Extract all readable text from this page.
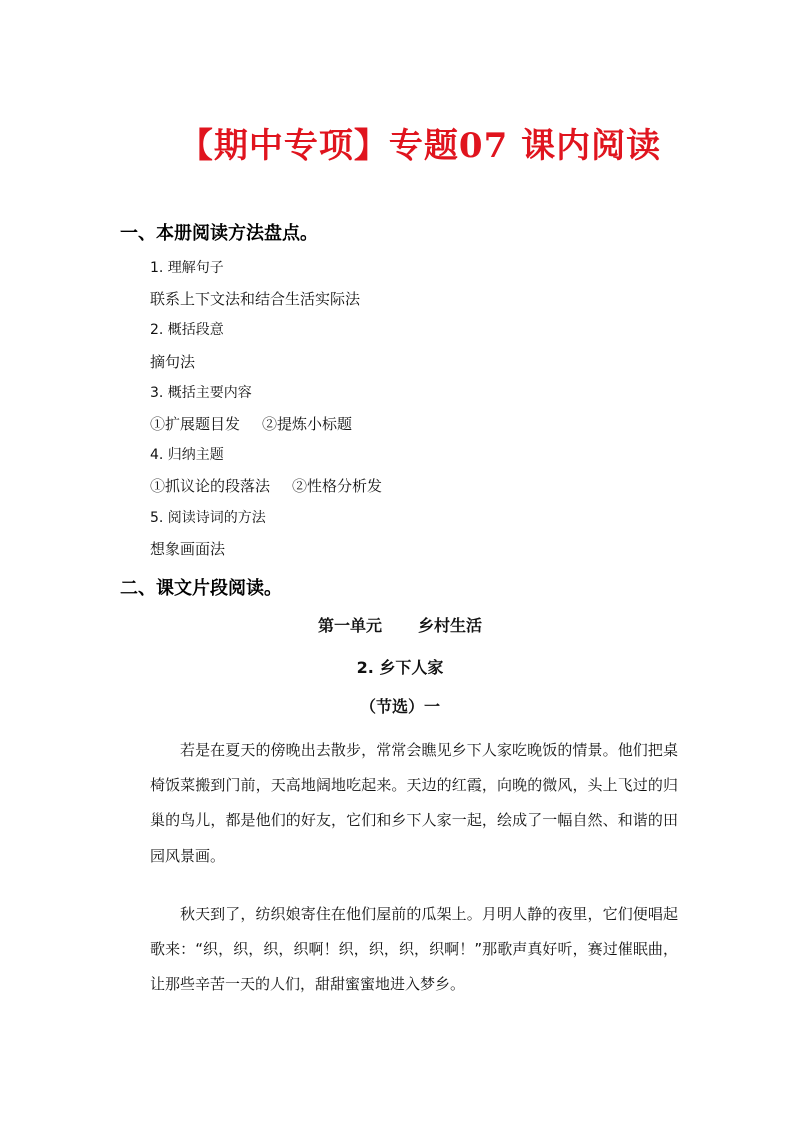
【期中专项】专题07 课内阅读
一、本册阅读方法盘点。
1. 理解句子
联系上下文法和结合生活实际法
2. 概括段意
摘句法
3. 概括主要内容
①扩展题目发 ②提炼小标题
4. 归纳主题
①抓议论的段落法 ②性格分析发
5. 阅读诗词的方法
想象画面法
二、课文片段阅读。
第一单元 乡村生活
2. 乡下人家
（节选）一
若是在夏天的傍晚出去散步，常常会瞧见乡下人家吃晚饭的情景。他们把桌椅饭菜搬到门前，天高地阔地吃起来。天边的红霞，向晚的微风，头上飞过的归巢的鸟儿，都是他们的好友，它们和乡下人家一起，绘成了一幅自然、和谐的田园风景画。
秋天到了，纺织娘寄住在他们屋前的瓜架上。月明人静的夜里，它们便唱起歌来：“织，织，织，织啊！织，织，织，织啊！”那歌声真好听，赛过催眠曲，让那些辛苦一天的人们，甜甜蜜蜜地进入梦乡。
